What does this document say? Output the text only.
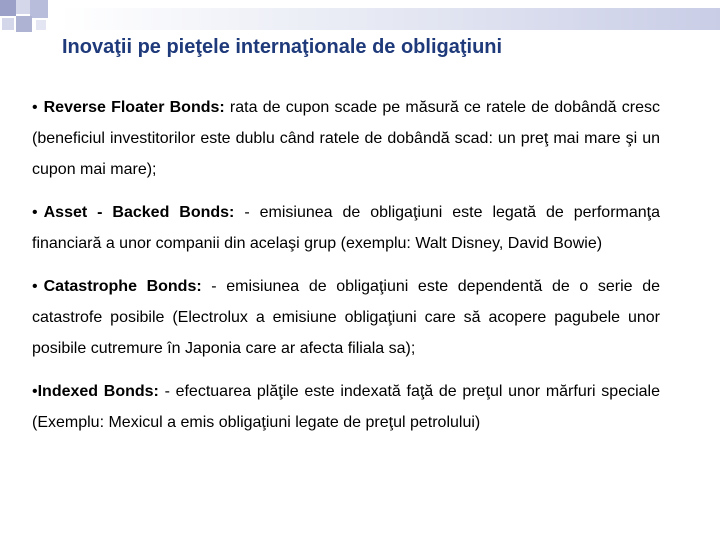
Inovaţii pe pieţele internaţionale de obligaţiuni

• Reverse Floater Bonds: rata de cupon scade pe măsură ce ratele de dobândă cresc (beneficiul investitorilor este dublu când ratele de dobândă scad: un preţ mai mare şi un cupon mai mare);

• Asset - Backed Bonds: - emisiunea de obligaţiuni este legată de performanţa financiară a unor companii din acelaşi grup (exemplu: Walt Disney, David Bowie)

• Catastrophe Bonds: - emisiunea de obligaţiuni este dependentă de o serie de catastrofe posibile (Electrolux a emisiune obligaţiuni care să acopere pagubele unor posibile cutremure în Japonia care ar afecta filiala sa);

•Indexed Bonds: - efectuarea plăţile este indexată faţă de preţul unor mărfuri speciale (Exemplu: Mexicul a emis obligaţiuni legate de preţul petrolului)
